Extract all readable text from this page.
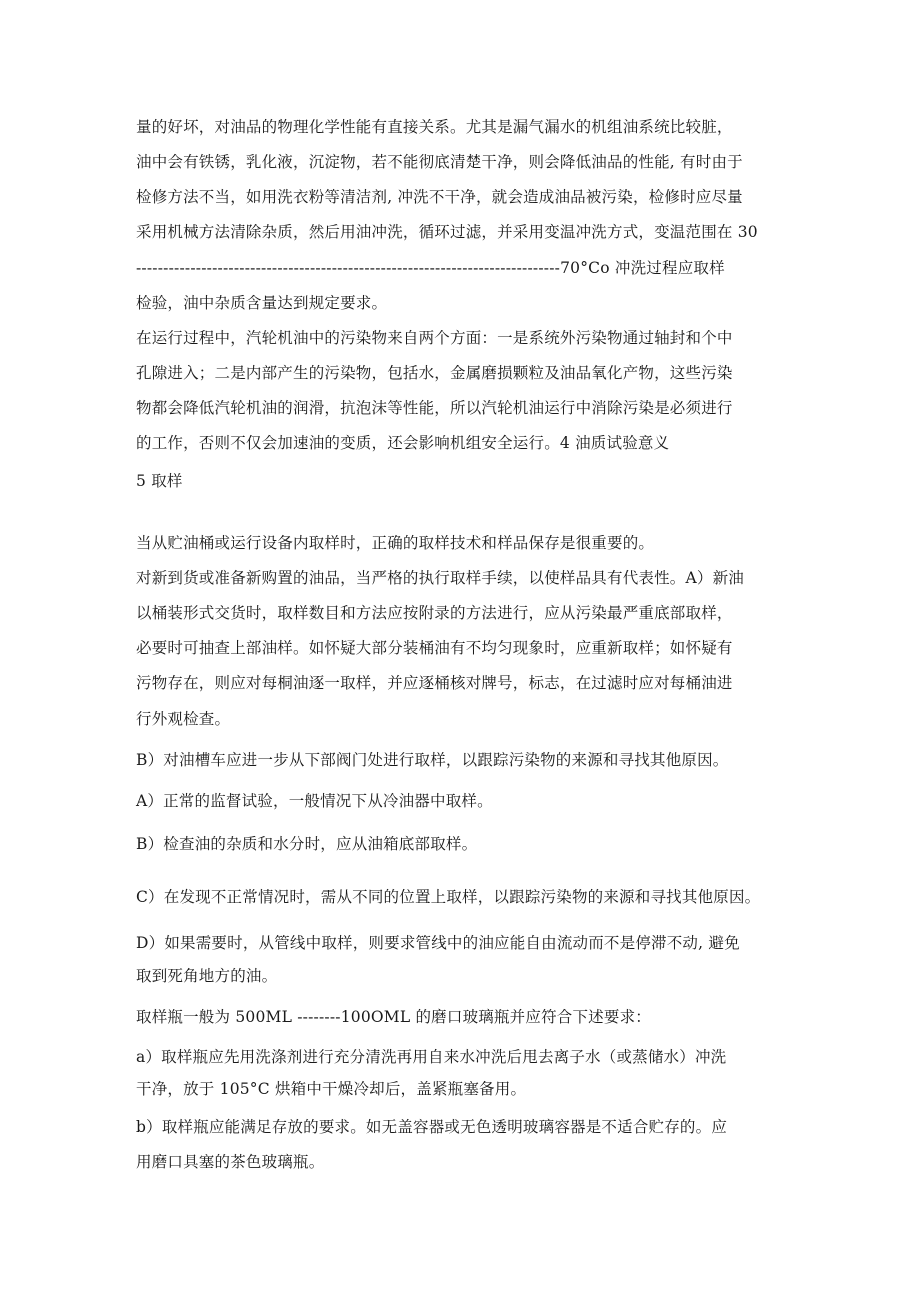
量的好坏，对油品的物理化学性能有直接关系。尤其是漏气漏水的机组油系统比较脏，
油中会有铁锈，乳化液，沉淀物，若不能彻底清楚干净，则会降低油品的性能, 有时由于
检修方法不当，如用洗衣粉等清洁剂, 冲洗不干净，就会造成油品被污染，检修时应尽量
采用机械方法清除杂质，然后用油冲洗，循环过滤，并采用变温冲洗方式，变温范围在 30
------------------------------------------------------------------------------70°Co 冲洗过程应取样
检验，油中杂质含量达到规定要求。
在运行过程中，汽轮机油中的污染物来自两个方面：一是系统外污染物通过轴封和个中
孔隙进入；二是内部产生的污染物，包括水，金属磨损颗粒及油品氧化产物，这些污染
物都会降低汽轮机油的润滑，抗泡沫等性能，所以汽轮机油运行中消除污染是必须进行
的工作，否则不仅会加速油的变质，还会影响机组安全运行。4 油质试验意义
5 取样
当从贮油桶或运行设备内取样时，正确的取样技术和样品保存是很重要的。
对新到货或准备新购置的油品，当严格的执行取样手续，以使样品具有代表性。A）新油
以桶装形式交货时，取样数目和方法应按附录的方法进行，应从污染最严重底部取样，
必要时可抽查上部油样。如怀疑大部分装桶油有不均匀现象时，应重新取样；如怀疑有
污物存在，则应对每桐油逐一取样，并应逐桶核对牌号，标志，在过滤时应对每桶油进
行外观检查。
B）对油槽车应进一步从下部阀门处进行取样，以跟踪污染物的来源和寻找其他原因。
A）正常的监督试验，一般情况下从冷油器中取样。
B）检查油的杂质和水分时，应从油箱底部取样。
C）在发现不正常情况时，需从不同的位置上取样，以跟踪污染物的来源和寻找其他原因。
D）如果需要时，从管线中取样，则要求管线中的油应能自由流动而不是停滞不动, 避免
取到死角地方的油。
取样瓶一般为 500ML --------100OML 的磨口玻璃瓶并应符合下述要求：
a）取样瓶应先用洗涤剂进行充分清洗再用自来水冲洗后甩去离子水（或蒸储水）冲洗
干净，放于 105°C 烘箱中干燥冷却后，盖紧瓶塞备用。
b）取样瓶应能满足存放的要求。如无盖容器或无色透明玻璃容器是不适合贮存的。应
用磨口具塞的茶色玻璃瓶。
